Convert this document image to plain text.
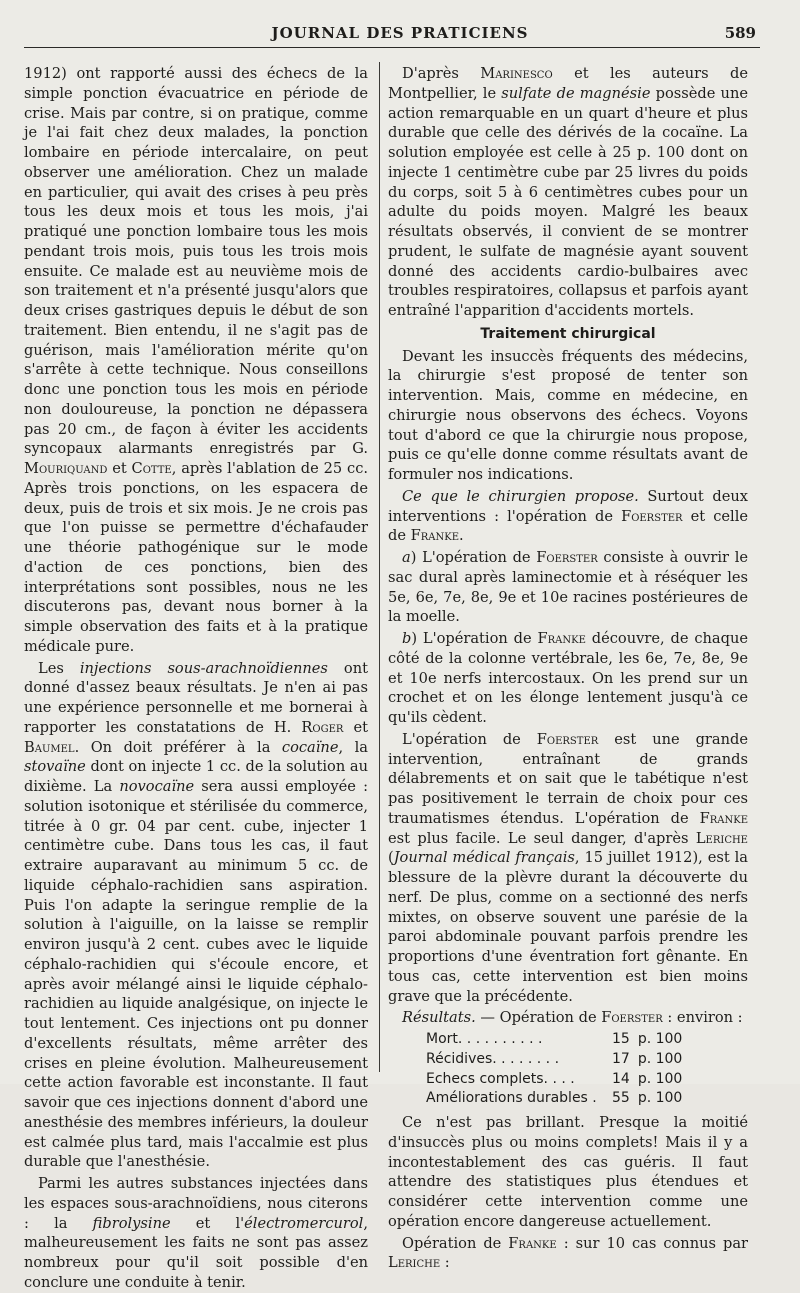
JOURNAL DES PRATICIENS	589

1912) ont rapporté aussi des échecs de la simple ponction évacuatrice en période de crise. Mais par contre, si on pratique, comme je l'ai fait chez deux malades, la ponction lombaire en période intercalaire, on peut observer une amélioration. Chez un malade en particulier, qui avait des crises à peu près tous les deux mois et tous les mois, j'ai pratiqué une ponction lombaire tous les mois pendant trois mois, puis tous les trois mois ensuite. Ce malade est au neuvième mois de son traitement et n'a présenté jusqu'alors que deux crises gastriques depuis le début de son traitement. Bien entendu, il ne s'agit pas de guérison, mais l'amélioration mérite qu'on s'arrête à cette technique. Nous conseillons donc une ponction tous les mois en période non douloureuse, la ponction ne dépassera pas 20 cm., de façon à éviter les accidents syncopaux alarmants enregistrés par G. Mouriquand et Cotte, après l'ablation de 25 cc. Après trois ponctions, on les espacera de deux, puis de trois et six mois. Je ne crois pas que l'on puisse se permettre d'échafauder une théorie pathogénique sur le mode d'action de ces ponctions, bien des interprétations sont possibles, nous ne les discuterons pas, devant nous borner à la simple observation des faits et à la pratique médicale pure.

Les injections sous-arachnoïdiennes ont donné d'assez beaux résultats. Je n'en ai pas une expérience personnelle et me bornerai à rapporter les constatations de H. Roger et Baumel. On doit préférer à la cocaïne, la stovaïne dont on injecte 1 cc. de la solution au dixième. La novocaïne sera aussi employée : solution isotonique et stérilisée du commerce, titrée à 0 gr. 04 par cent. cube, injecter 1 centimètre cube. Dans tous les cas, il faut extraire auparavant au minimum 5 cc. de liquide céphalo-rachidien sans aspiration. Puis l'on adapte la seringue remplie de la solution à l'aiguille, on la laisse se remplir environ jusqu'à 2 cent. cubes avec le liquide céphalo-rachidien qui s'écoule encore, et après avoir mélangé ainsi le liquide céphalo-rachidien au liquide analgésique, on injecte le tout lentement. Ces injections ont pu donner d'excellents résultats, même arrêter des crises en pleine évolution. Malheureusement cette action favorable est inconstante. Il faut savoir que ces injections donnent d'abord une anesthésie des membres inférieurs, la douleur est calmée plus tard, mais l'accalmie est plus durable que l'anesthésie.

Parmi les autres substances injectées dans les espaces sous-arachnoïdiens, nous citerons : la fibrolysine et l'électromercurol, malheureusement les faits ne sont pas assez nombreux pour qu'il soit possible d'en conclure une conduite à tenir.

D'après Marinesco et les auteurs de Montpellier, le sulfate de magnésie possède une action remarquable en un quart d'heure et plus durable que celle des dérivés de la cocaïne. La solution employée est celle à 25 p. 100 dont on injecte 1 centimètre cube par 25 livres du poids du corps, soit 5 à 6 centimètres cubes pour un adulte du poids moyen. Malgré les beaux résultats observés, il convient de se montrer prudent, le sulfate de magnésie ayant souvent donné des accidents cardio-bulbaires avec troubles respiratoires, collapsus et parfois ayant entraîné l'apparition d'accidents mortels.

Traitement chirurgical

Devant les insuccès fréquents des médecins, la chirurgie s'est proposé de tenter son intervention. Mais, comme en médecine, en chirurgie nous observons des échecs. Voyons tout d'abord ce que la chirurgie nous propose, puis ce qu'elle donne comme résultats avant de formuler nos indications.

Ce que le chirurgien propose. Surtout deux interventions : l'opération de Foerster et celle de Franke.

a) L'opération de Foerster consiste à ouvrir le sac dural après laminectomie et à réséquer les 5e, 6e, 7e, 8e, 9e et 10e racines postérieures de la moelle.

b) L'opération de Franke découvre, de chaque côté de la colonne vertébrale, les 6e, 7e, 8e, 9e et 10e nerfs intercostaux. On les prend sur un crochet et on les élonge lentement jusqu'à ce qu'ils cèdent.

L'opération de Foerster est une grande intervention, entraînant de grands délabrements et on sait que le tabétique n'est pas positivement le terrain de choix pour ces traumatismes étendus. L'opération de Franke est plus facile. Le seul danger, d'après Leriche (Journal médical français, 15 juillet 1912), est la blessure de la plèvre durant la découverte du nerf. De plus, comme on a sectionné des nerfs mixtes, on observe souvent une parésie de la paroi abdominale pouvant parfois prendre les proportions d'une éventration fort gênante. En tous cas, cette intervention est bien moins grave que la précédente.

Résultats. — Opération de Foerster : environ :

Mort. . . . . . . . . .	15	p. 100
Récidives. . . . . . . .	17	p. 100
Echecs complets. . . .	14	p. 100
Améliorations durables .	55	p. 100

Ce n'est pas brillant. Presque la moitié d'insuccès plus ou moins complets! Mais il y a incontestablement des cas guéris. Il faut attendre des statistiques plus étendues et considérer cette intervention comme une opération encore dangereuse actuellement.

Opération de Franke : sur 10 cas connus par Leriche :
